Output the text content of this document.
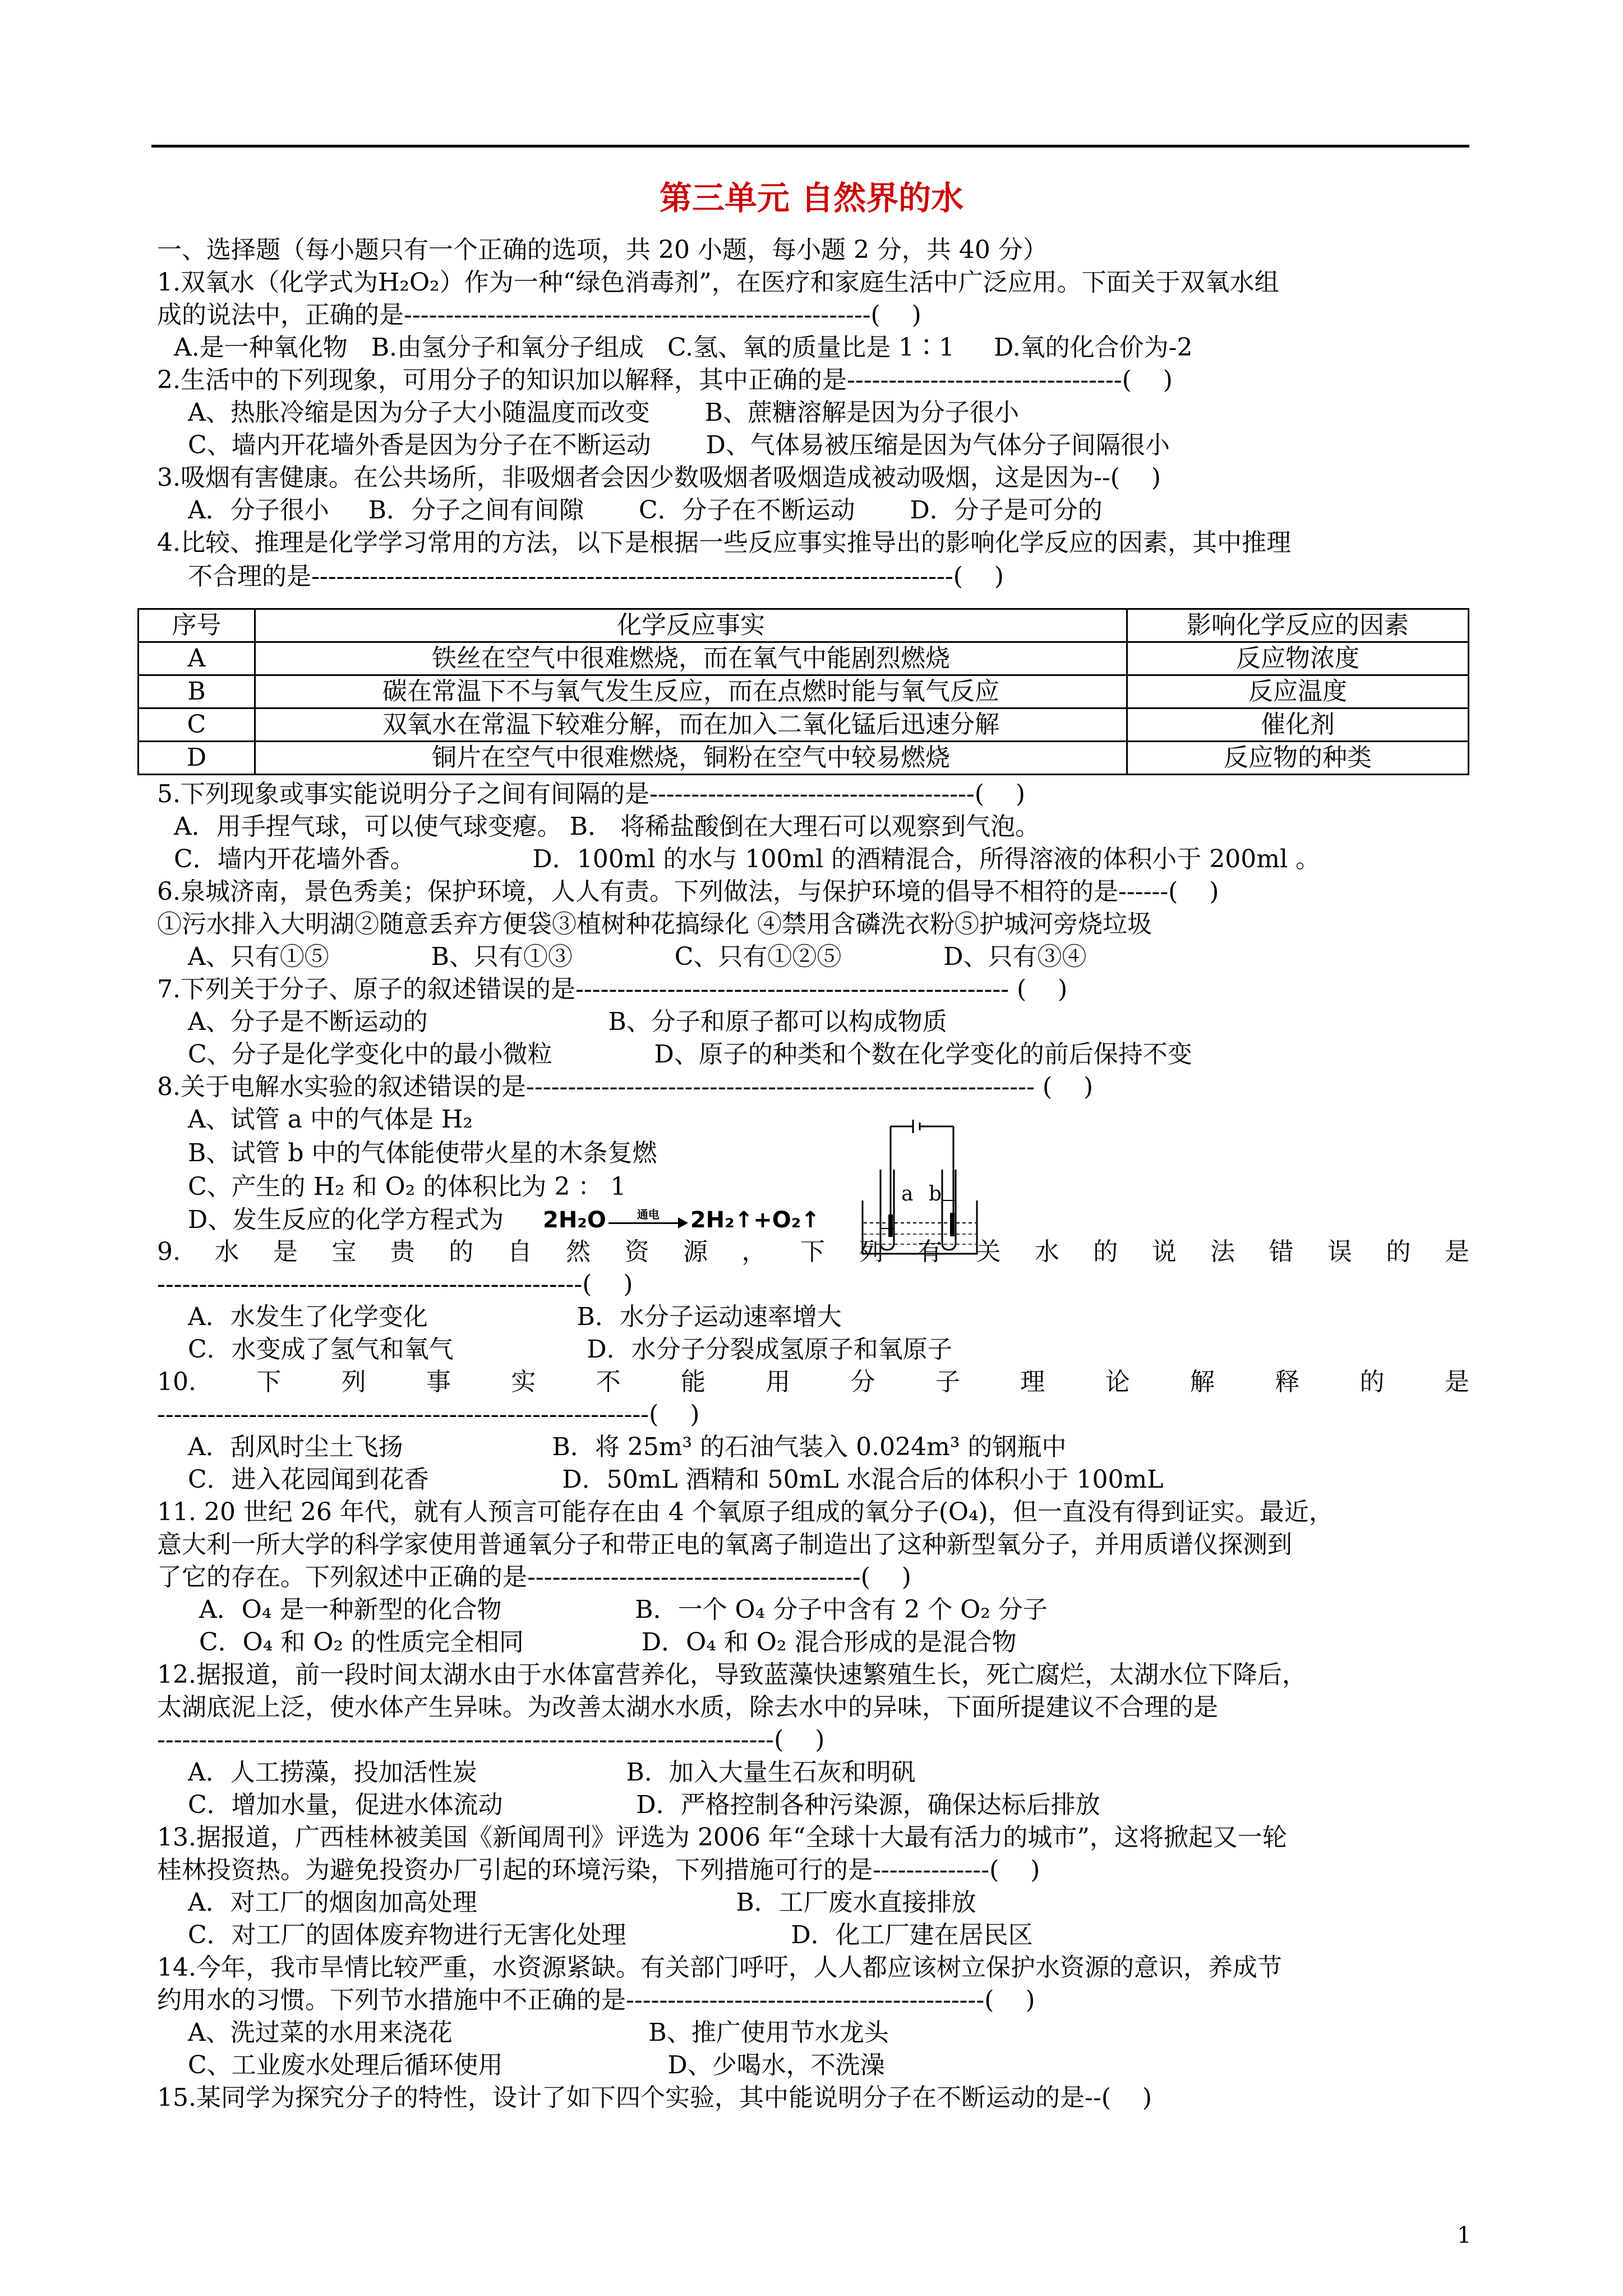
第三单元 自然界的水
一、选择题（每小题只有一个正确的选项，共 20 小题，每小题 2 分，共 40 分）
1.双氧水（化学式为H₂O₂）作为一种“绿色消毒剂”，在医疗和家庭生活中广泛应用。下面关于双氧水组
成的说法中，正确的是--------------------------------------------------------(    )
A.是一种氧化物   B.由氢分子和氧分子组成   C.氢、氧的质量比是 1∶1     D.氧的化合价为-2
2.生活中的下列现象，可用分子的知识加以解释，其中正确的是---------------------------------(    )
A、热胀冷缩是因为分子大小随温度而改变       B、蔗糖溶解是因为分子很小
C、墙内开花墙外香是因为分子在不断运动       D、气体易被压缩是因为气体分子间隔很小
3.吸烟有害健康。在公共场所，非吸烟者会因少数吸烟者吸烟造成被动吸烟，这是因为--(    )
A．分子很小     B．分子之间有间隙       C．分子在不断运动       D．分子是可分的
4.比较、推理是化学学习常用的方法，以下是根据一些反应事实推导出的影响化学反应的因素，其中推理
不合理的是-----------------------------------------------------------------------------(    )
序号	化学反应事实	影响化学反应的因素
A	铁丝在空气中很难燃烧，而在氧气中能剧烈燃烧	反应物浓度
B	碳在常温下不与氧气发生反应，而在点燃时能与氧气反应	反应温度
C	双氧水在常温下较难分解，而在加入二氧化锰后迅速分解	催化剂
D	铜片在空气中很难燃烧，铜粉在空气中较易燃烧	反应物的种类
5.下列现象或事实能说明分子之间有间隔的是---------------------------------------(    )
A．用手捏气球，可以使气球变瘪。 B． 将稀盐酸倒在大理石可以观察到气泡。
C．墙内开花墙外香。               D．100ml 的水与 100ml 的酒精混合，所得溶液的体积小于 200ml 。
6.泉城济南，景色秀美；保护环境，人人有责。下列做法，与保护环境的倡导不相符的是------(    )
①污水排入大明湖②随意丢弃方便袋③植树种花搞绿化 ④禁用含磷洗衣粉⑤护城河旁烧垃圾
A、只有①⑤             B、只有①③             C、只有①②⑤             D、只有③④
7.下列关于分子、原子的叙述错误的是---------------------------------------------------- (    )
A、分子是不断运动的                       B、分子和原子都可以构成物质
C、分子是化学变化中的最小微粒             D、原子的种类和个数在化学变化的前后保持不变
8.关于电解水实验的叙述错误的是------------------------------------------------------------- (    )
A、试管 a 中的气体是 H₂
B、试管 b 中的气体能使带火星的木条复燃
C、产生的 H₂ 和 O₂ 的体积比为 2 ： 1
D、发生反应的化学方程式为	2H₂O	通电	2H₂↑+O₂↑
a b
9. 水 是 宝 贵 的 自 然 资 源 ， 下 列 有 关 水 的 说 法 错 误 的 是
---------------------------------------------------(    )
A．水发生了化学变化                   B．水分子运动速率增大
C．水变成了氢气和氧气                 D．水分子分裂成氢原子和氧原子
10. 下 列 事 实 不 能 用 分 子 理 论 解 释 的 是
-----------------------------------------------------------(    )
A．刮风时尘土飞扬                   B．将 25m³ 的石油气装入 0.024m³ 的钢瓶中
C．进入花园闻到花香                 D．50mL 酒精和 50mL 水混合后的体积小于 100mL
11. 20 世纪 26 年代，就有人预言可能存在由 4 个氧原子组成的氧分子(O₄)，但一直没有得到证实。最近，
意大利一所大学的科学家使用普通氧分子和带正电的氧离子制造出了这种新型氧分子，并用质谱仪探测到
了它的存在。下列叙述中正确的是----------------------------------------(    )
A．O₄ 是一种新型的化合物                 B．一个 O₄ 分子中含有 2 个 O₂ 分子
C．O₄ 和 O₂ 的性质完全相同               D．O₄ 和 O₂ 混合形成的是混合物
12.据报道，前一段时间太湖水由于水体富营养化，导致蓝藻快速繁殖生长，死亡腐烂，太湖水位下降后，
太湖底泥上泛，使水体产生异味。为改善太湖水水质，除去水中的异味，下面所提建议不合理的是
--------------------------------------------------------------------------(    )
A．人工捞藻，投加活性炭                   B．加入大量生石灰和明矾
C．增加水量，促进水体流动                 D．严格控制各种污染源，确保达标后排放
13.据报道，广西桂林被美国《新闻周刊》评选为 2006 年“全球十大最有活力的城市”，这将掀起又一轮
桂林投资热。为避免投资办厂引起的环境污染，下列措施可行的是--------------(    )
A．对工厂的烟囱加高处理                                 B．工厂废水直接排放
C．对工厂的固体废弃物进行无害化处理                     D．化工厂建在居民区
14.今年，我市旱情比较严重，水资源紧缺。有关部门呼吁，人人都应该树立保护水资源的意识，养成节
约用水的习惯。下列节水措施中不正确的是-------------------------------------------(    )
A、洗过菜的水用来浇花                         B、推广使用节水龙头
C、工业废水处理后循环使用                     D、少喝水，不洗澡
15.某同学为探究分子的特性，设计了如下四个实验，其中能说明分子在不断运动的是--(    )
1
